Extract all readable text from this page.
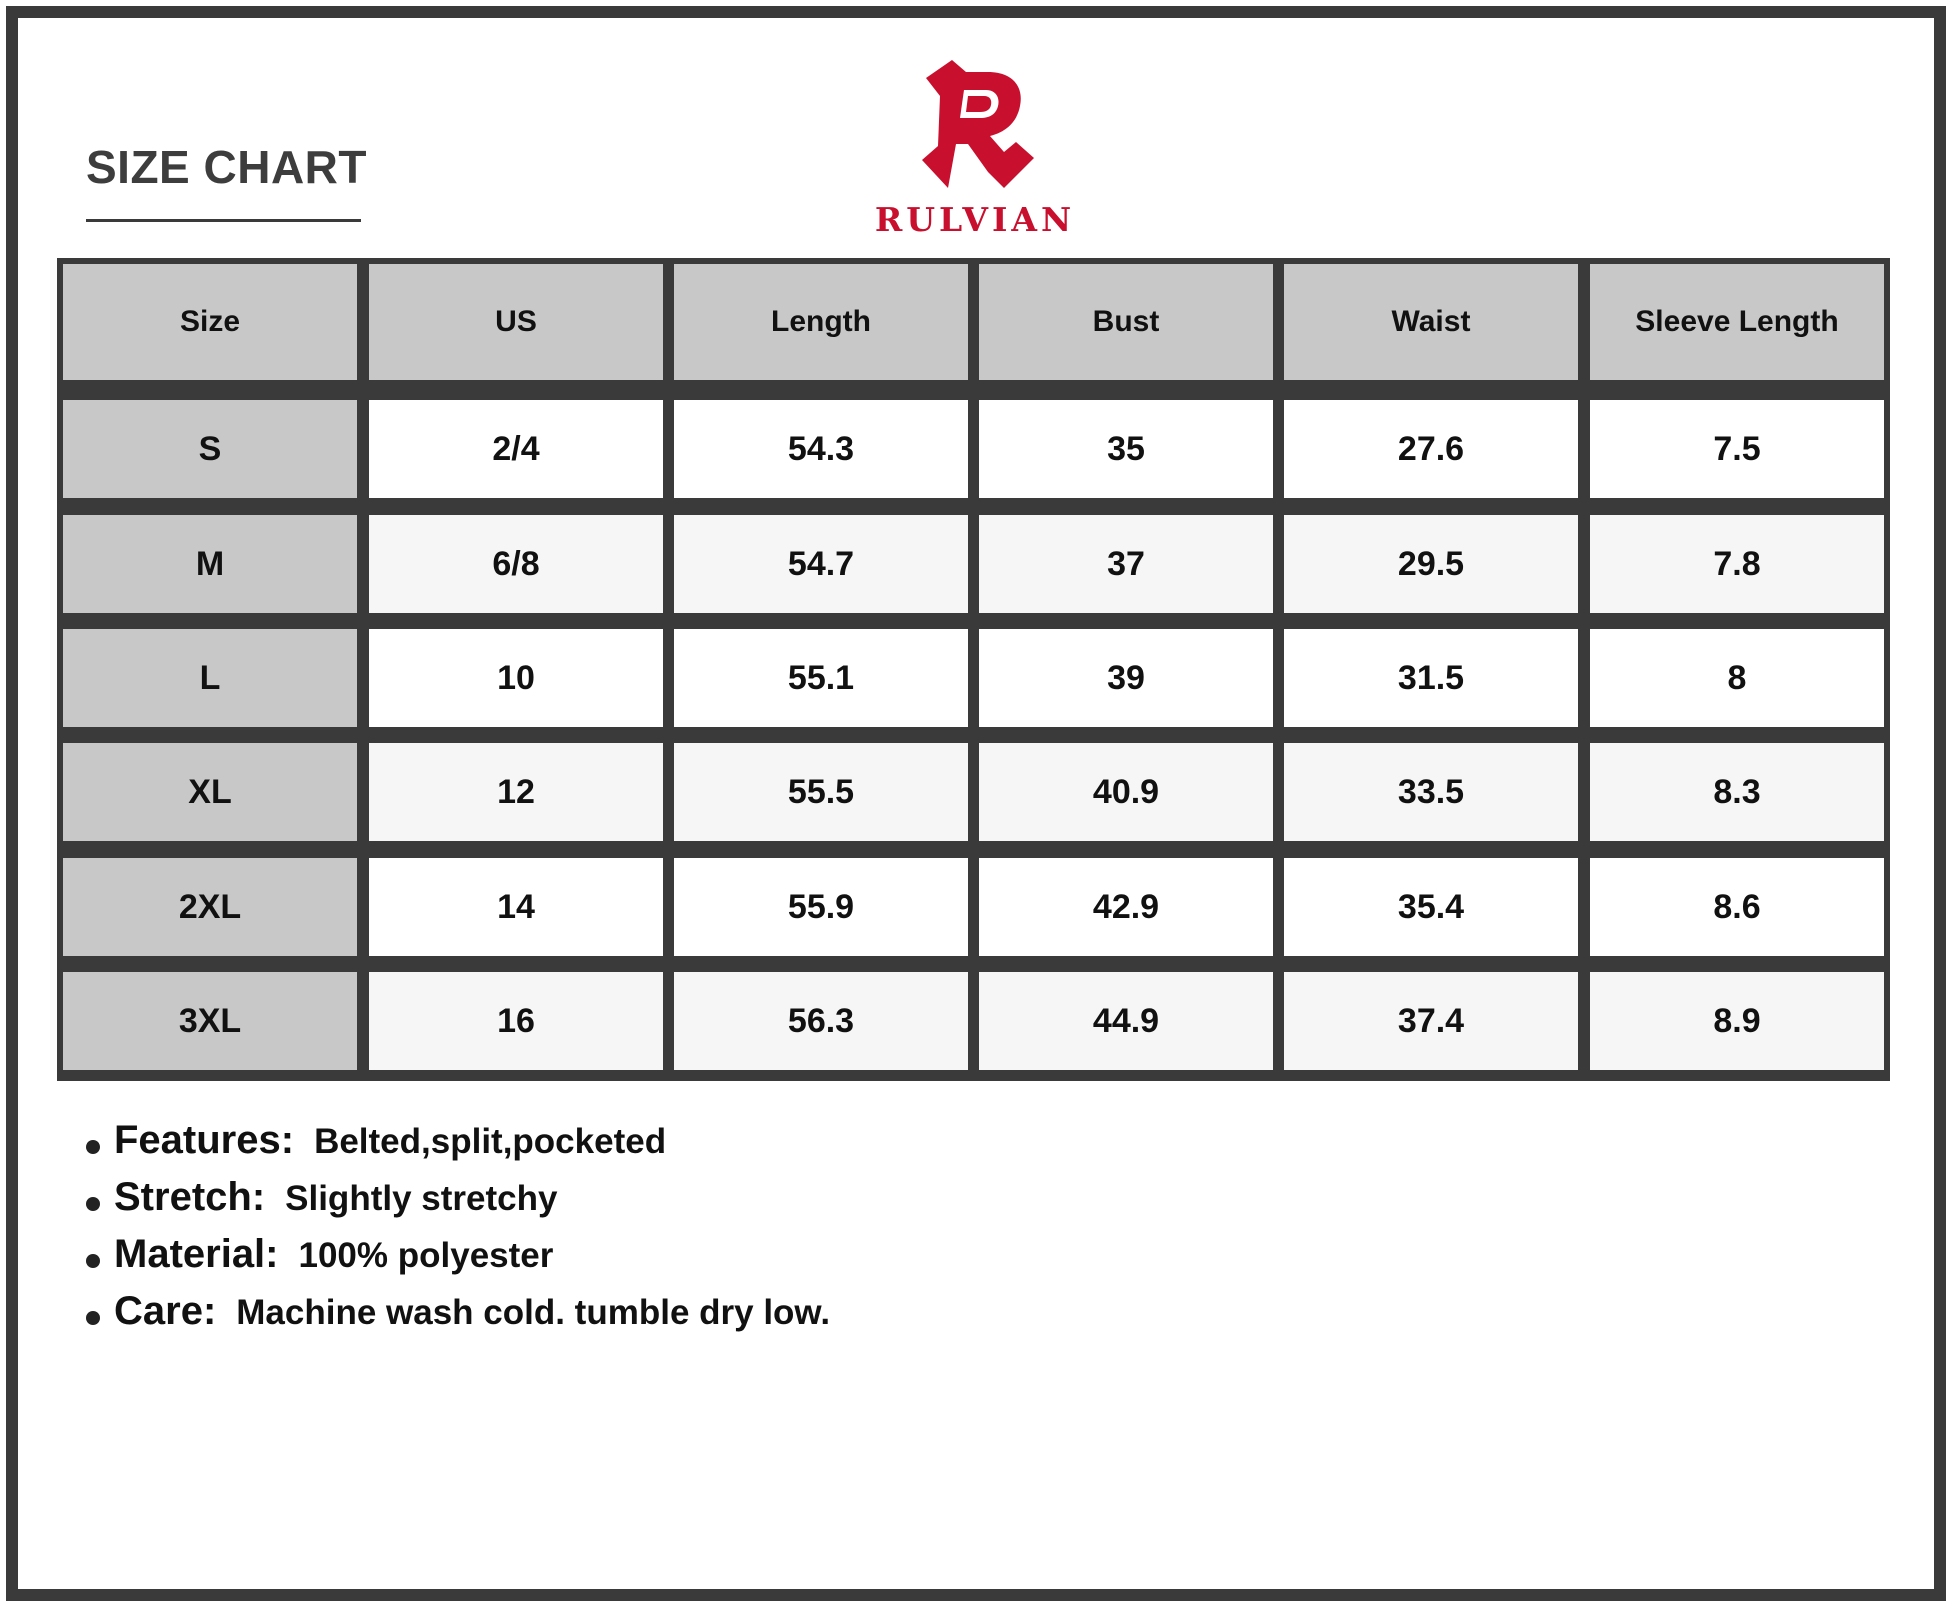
SIZE CHART
RULVIAN
Size	US	Length	Bust	Waist	Sleeve Length
S	2/4	54.3	35	27.6	7.5
M	6/8	54.7	37	29.5	7.8
L	10	55.1	39	31.5	8
XL	12	55.5	40.9	33.5	8.3
2XL	14	55.9	42.9	35.4	8.6
3XL	16	56.3	44.9	37.4	8.9
Features: Belted,split,pocketed
Stretch: Slightly stretchy
Material: 100% polyester
Care: Machine wash cold. tumble dry low.
